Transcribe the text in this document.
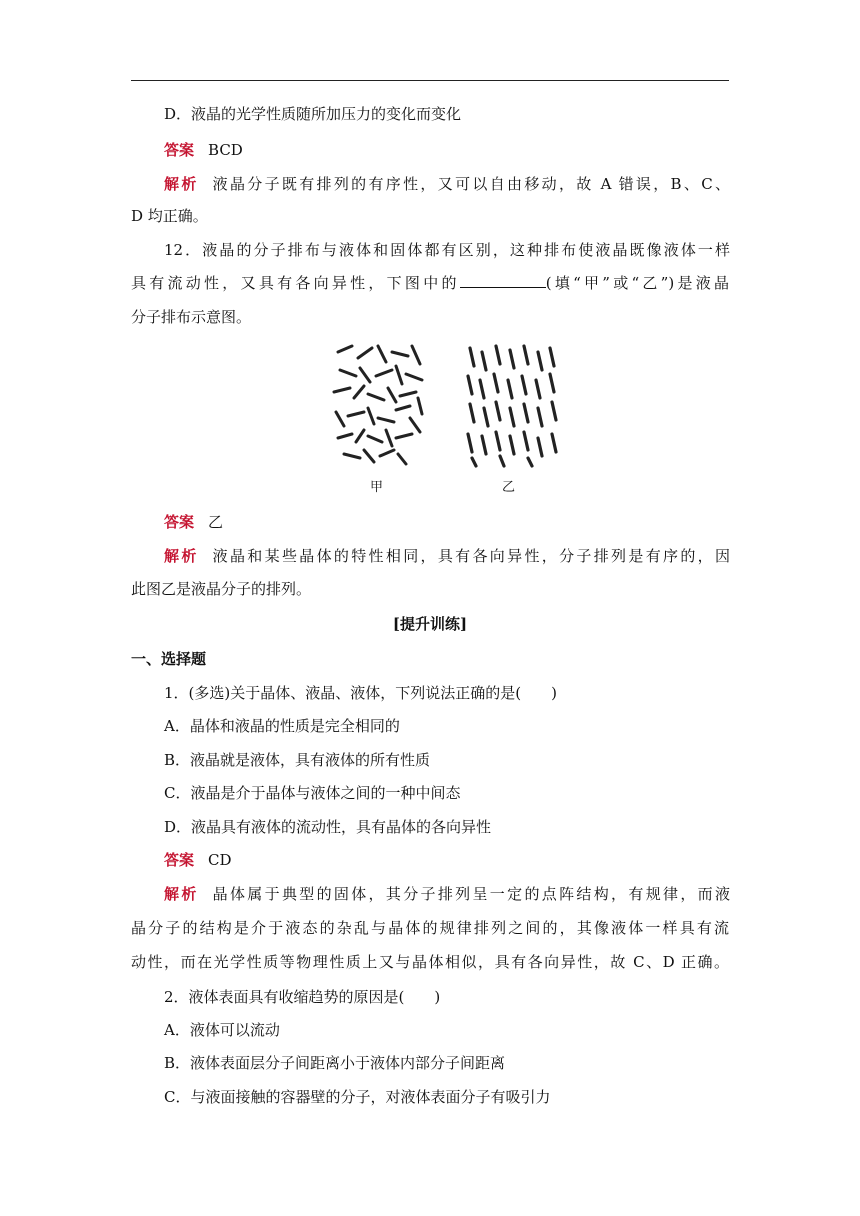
D．液晶的光学性质随所加压力的变化而变化
答案 BCD
解析 液晶分子既有排列的有序性，又可以自由移动，故 A 错误，B、C、
D 均正确。
12．液晶的分子排布与液体和固体都有区别，这种排布使液晶既像液体一样
具有流动性，又具有各向异性，下图中的	(填“甲”或“乙”)是液晶
分子排布示意图。
甲	乙
答案 乙
解析 液晶和某些晶体的特性相同，具有各向异性，分子排列是有序的，因
此图乙是液晶分子的排列。
[提升训练]
一、选择题
1．(多选)关于晶体、液晶、液体，下列说法正确的是(　　)
A．晶体和液晶的性质是完全相同的
B．液晶就是液体，具有液体的所有性质
C．液晶是介于晶体与液体之间的一种中间态
D．液晶具有液体的流动性，具有晶体的各向异性
答案 CD
解析 晶体属于典型的固体，其分子排列呈一定的点阵结构，有规律，而液
晶分子的结构是介于液态的杂乱与晶体的规律排列之间的，其像液体一样具有流
动性，而在光学性质等物理性质上又与晶体相似，具有各向异性，故 C、D 正确。
2．液体表面具有收缩趋势的原因是(　　)
A．液体可以流动
B．液体表面层分子间距离小于液体内部分子间距离
C．与液面接触的容器壁的分子，对液体表面分子有吸引力
